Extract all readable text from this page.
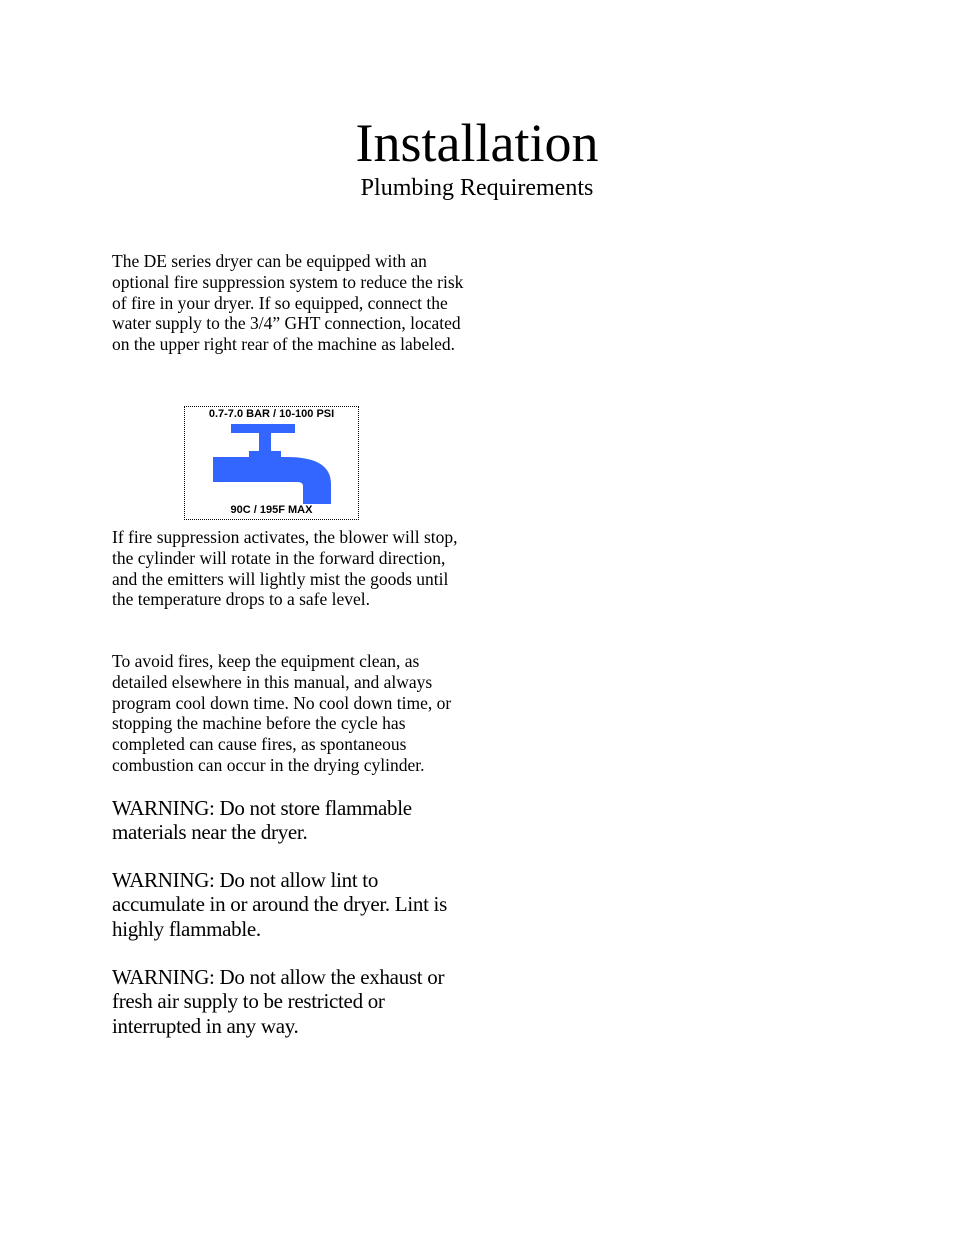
Installation
Plumbing Requirements

The DE series dryer can be equipped with an optional fire suppression system to reduce the risk of fire in your dryer. If so equipped, connect the water supply to the 3/4” GHT connection, located on the upper right rear of the machine as labeled.

0.7-7.0 BAR / 10-100 PSI
90C / 195F MAX

If fire suppression activates, the blower will stop, the cylinder will rotate in the forward direction, and the emitters will lightly mist the goods until the temperature drops to a safe level.

To avoid fires, keep the equipment clean, as detailed elsewhere in this manual, and always program cool down time. No cool down time, or stopping the machine before the cycle has completed can cause fires, as spontaneous combustion can occur in the drying cylinder.

WARNING: Do not store flammable materials near the dryer.

WARNING: Do not allow lint to accumulate in or around the dryer. Lint is highly flammable.

WARNING: Do not allow the exhaust or fresh air supply to be restricted or interrupted in any way.
